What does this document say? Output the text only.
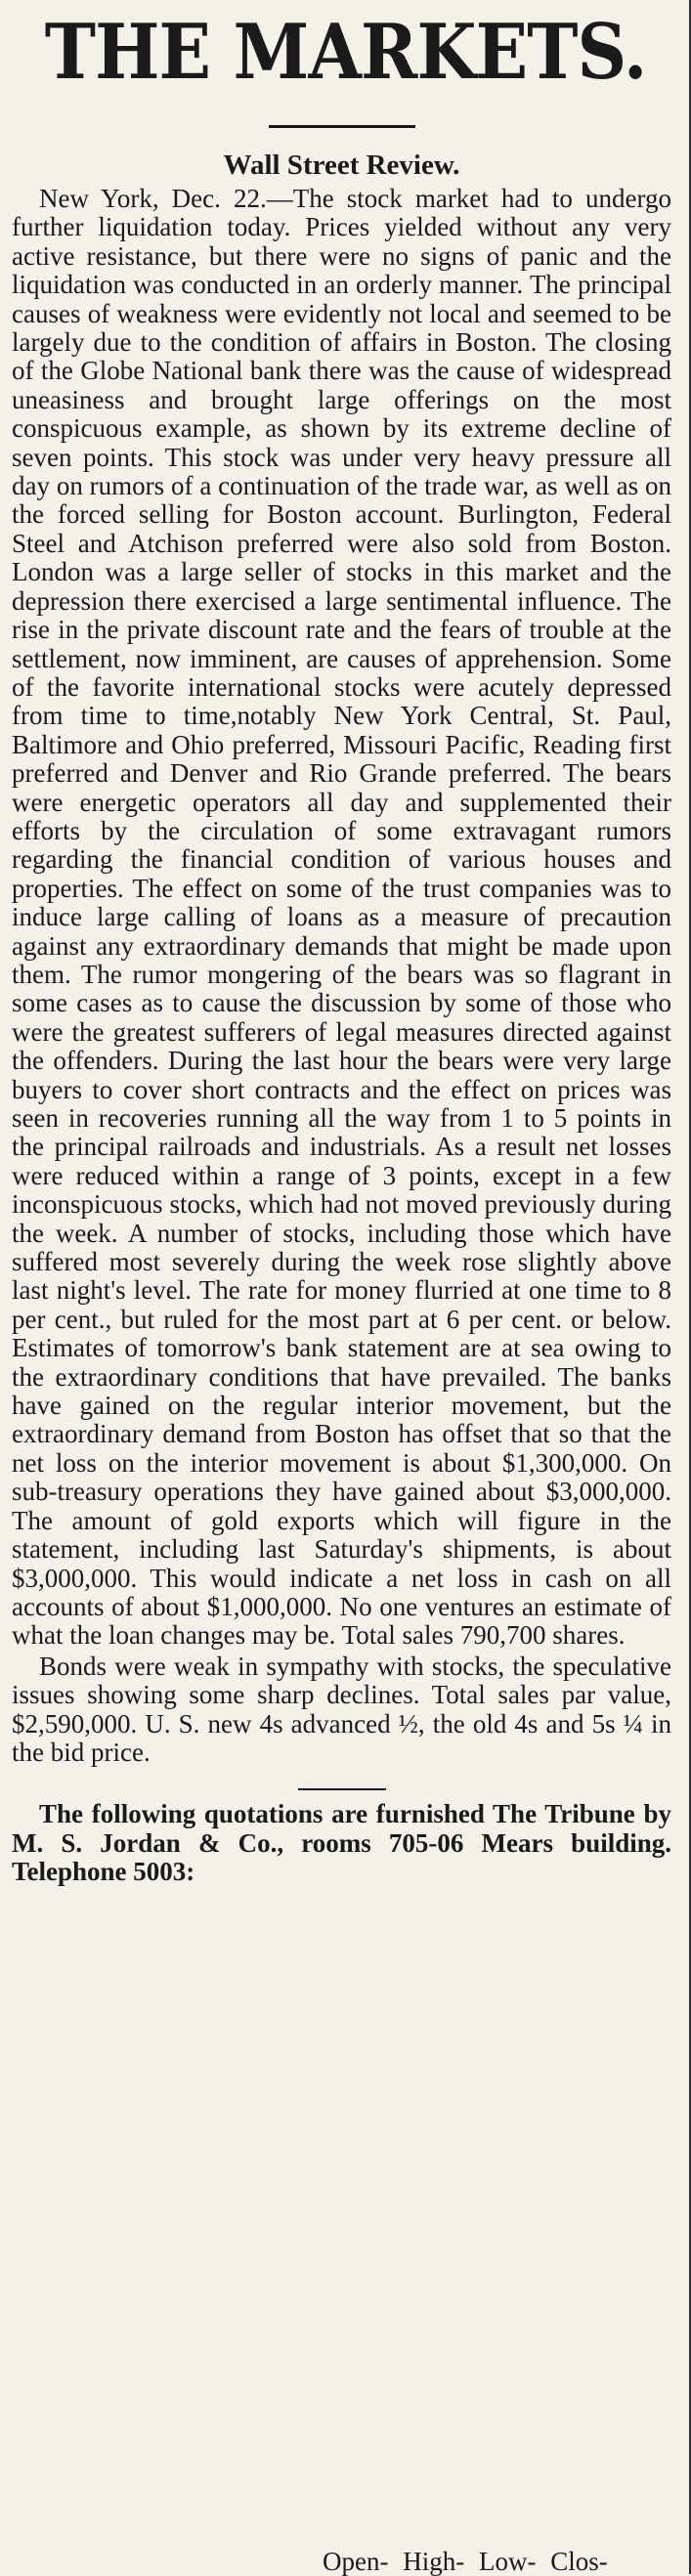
THE MARKETS.
Wall Street Review.

New York, Dec. 22.—The stock market had to undergo further liquidation today. Prices yielded without any very active resistance, but there were no signs of panic and the liquidation was conducted in an orderly manner. The principal causes of weakness were evidently not local and seemed to be largely due to the condition of affairs in Boston. The closing of the Globe National bank there was the cause of widespread uneasiness and brought large offerings on the most conspicuous example, as shown by its extreme decline of seven points. This stock was under very heavy pressure all day on rumors of a continuation of the trade war, as well as on the forced selling for Boston account. Burlington, Federal Steel and Atchison preferred were also sold from Boston. London was a large seller of stocks in this market and the depression there exercised a large sentimental influence. The rise in the private discount rate and the fears of trouble at the settlement, now imminent, are causes of apprehension. Some of the favorite international stocks were acutely depressed from time to time,notably New York Central, St. Paul, Baltimore and Ohio preferred, Missouri Pacific, Reading first preferred and Denver and Rio Grande preferred. The bears were energetic operators all day and supplemented their efforts by the circulation of some extravagant rumors regarding the financial condition of various houses and properties. The effect on some of the trust companies was to induce large calling of loans as a measure of precaution against any extraordinary demands that might be made upon them. The rumor mongering of the bears was so flagrant in some cases as to cause the discussion by some of those who were the greatest sufferers of legal measures directed against the offenders. During the last hour the bears were very large buyers to cover short contracts and the effect on prices was seen in recoveries running all the way from 1 to 5 points in the principal railroads and industrials. As a result net losses were reduced within a range of 3 points, except in a few inconspicuous stocks, which had not moved previously during the week. A number of stocks, including those which have suffered most severely during the week rose slightly above last night's level. The rate for money flurried at one time to 8 per cent., but ruled for the most part at 6 per cent. or below. Estimates of tomorrow's bank statement are at sea owing to the extraordinary conditions that have prevailed. The banks have gained on the regular interior movement, but the extraordinary demand from Boston has offset that so that the net loss on the interior movement is about $1,300,000. On sub-treasury operations they have gained about $3,000,000. The amount of gold exports which will figure in the statement, including last Saturday's shipments, is about $3,000,000. This would indicate a net loss in cash on all accounts of about $1,000,000. No one ventures an estimate of what the loan changes may be. Total sales 790,700 shares.

Bonds were weak in sympathy with stocks, the speculative issues showing some sharp declines. Total sales par value, $2,590,000. U. S. new 4s advanced ½, the old 4s and 5s ¼ in the bid price.

The following quotations are furnished The Tribune by M. S. Jordan & Co., rooms 705-06 Mears building. Telephone 5003:

Open- High- Low- Clos-
